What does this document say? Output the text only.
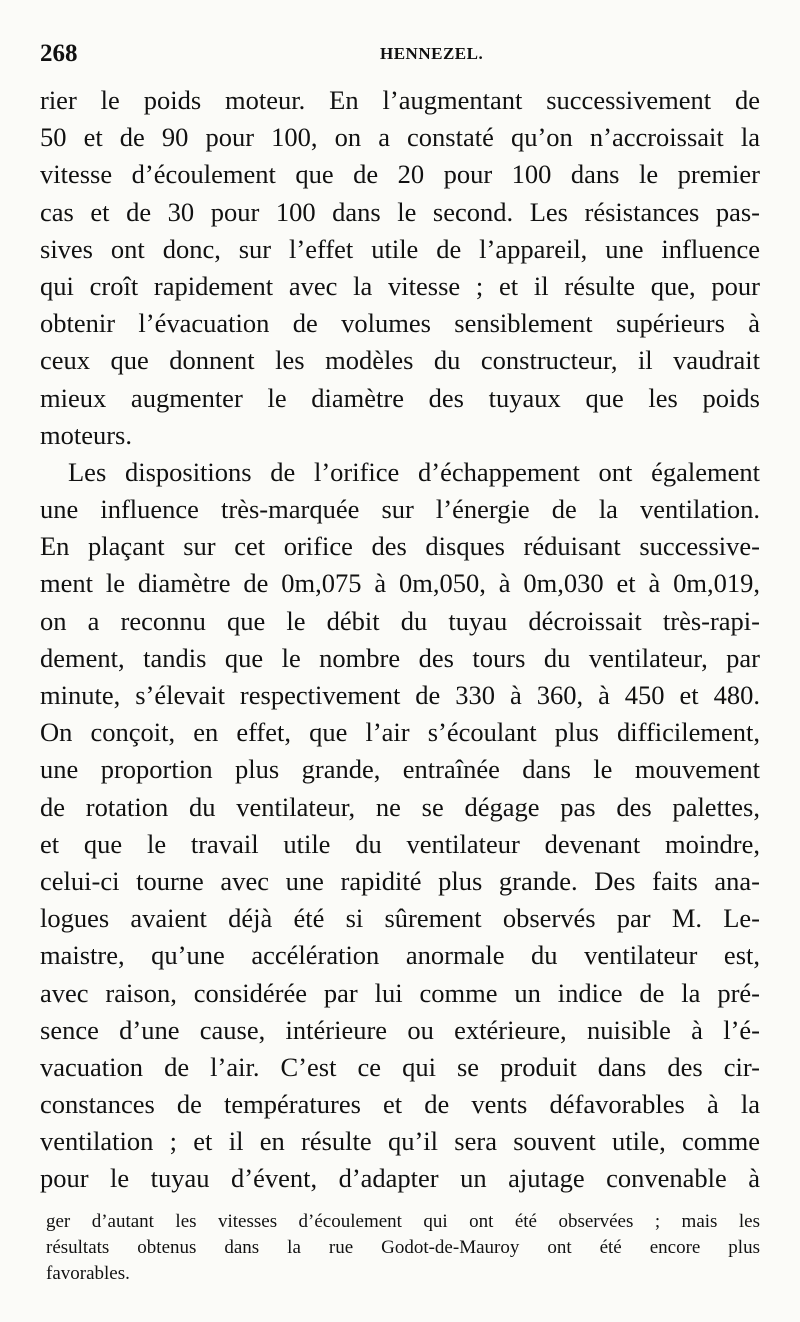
268	HENNEZEL.
rier le poids moteur. En l’augmentant successivement de
50 et de 90 pour 100, on a constaté qu’on n’accroissait la
vitesse d’écoulement que de 20 pour 100 dans le premier
cas et de 30 pour 100 dans le second. Les résistances pas-
sives ont donc, sur l’effet utile de l’appareil, une influence
qui croît rapidement avec la vitesse ; et il résulte que, pour
obtenir l’évacuation de volumes sensiblement supérieurs à
ceux que donnent les modèles du constructeur, il vaudrait
mieux augmenter le diamètre des tuyaux que les poids
moteurs.
Les dispositions de l’orifice d’échappement ont également
une influence très-marquée sur l’énergie de la ventilation.
En plaçant sur cet orifice des disques réduisant successive-
ment le diamètre de 0m,075 à 0m,050, à 0m,030 et à 0m,019,
on a reconnu que le débit du tuyau décroissait très-rapi-
dement, tandis que le nombre des tours du ventilateur, par
minute, s’élevait respectivement de 330 à 360, à 450 et 480.
On conçoit, en effet, que l’air s’écoulant plus difficilement,
une proportion plus grande, entraînée dans le mouvement
de rotation du ventilateur, ne se dégage pas des palettes,
et que le travail utile du ventilateur devenant moindre,
celui-ci tourne avec une rapidité plus grande. Des faits ana-
logues avaient déjà été si sûrement observés par M. Le-
maistre, qu’une accélération anormale du ventilateur est,
avec raison, considérée par lui comme un indice de la pré-
sence d’une cause, intérieure ou extérieure, nuisible à l’é-
vacuation de l’air. C’est ce qui se produit dans des cir-
constances de températures et de vents défavorables à la
ventilation ; et il en résulte qu’il sera souvent utile, comme
pour le tuyau d’évent, d’adapter un ajutage convenable à
ger d’autant les vitesses d’écoulement qui ont été observées ; mais les
résultats obtenus dans la rue Godot-de-Mauroy ont été encore plus
favorables.
